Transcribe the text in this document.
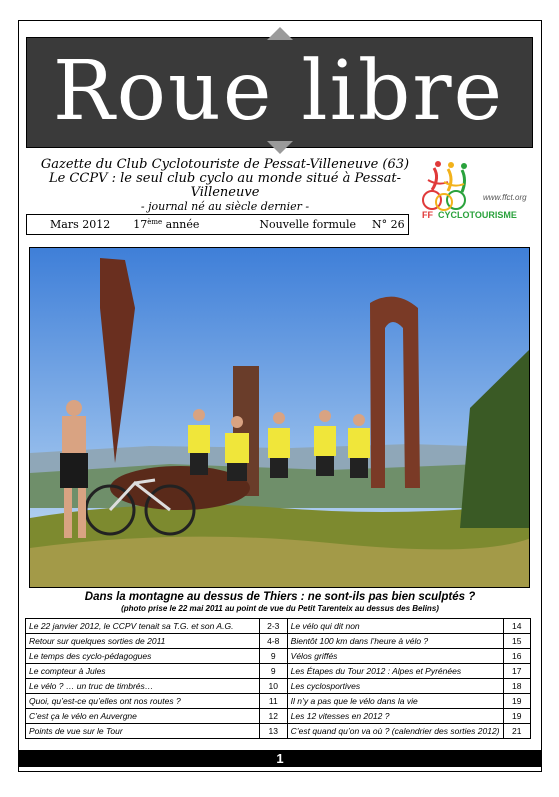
Roue libre
Gazette du Club Cyclotouriste de Pessat-Villeneuve (63)
Le CCPV : le seul club cyclo au monde situé à Pessat-Villeneuve
- journal né au siècle dernier -
www.ffct.org
FF CYCLOTOURISME
Mars 2012 17ème année	Nouvelle formule N° 26
Dans la montagne au dessus de Thiers : ne sont-ils pas bien sculptés ?
(photo prise le 22 mai 2011 au point de vue du Petit Tarenteix au dessus des Belins)
Le 22 janvier 2012, le CCPV tenait sa T.G. et son A.G.	2-3	Le vélo qui dit non	14
Retour sur quelques sorties de 2011	4-8	Bientôt 100 km dans l’heure à vélo ?	15
Le temps des cyclo-pédagogues	9	Vélos griffés	16
Le compteur à Jules	9	Les Étapes du Tour 2012 : Alpes et Pyrénées	17
Le vélo ? … un truc de timbrés…	10	Les cyclosportives	18
Quoi, qu’est-ce qu’elles ont nos routes ?	11	Il n’y a pas que le vélo dans la vie	19
C’est ça le vélo en Auvergne	12	Les 12 vitesses en 2012 ?	19
Points de vue sur le Tour	13	C’est quand qu’on va où ? (calendrier des sorties 2012)	21
1
